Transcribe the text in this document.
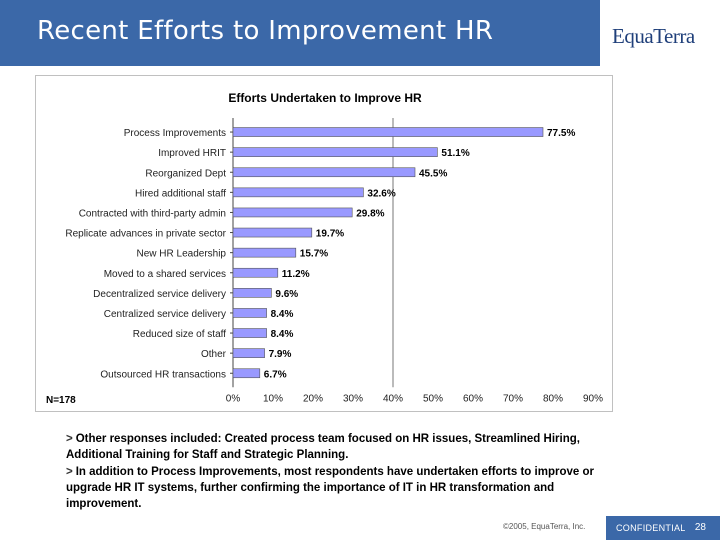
Recent Efforts to Improvement HR	EquaTerra
Efforts Undertaken to Improve HR
Process Improvements	77.5%
Improved HRIT	51.1%
Reorganized Dept	45.5%
Hired additional staff	32.6%
Contracted with third-party admin	29.8%
Replicate advances in private sector	19.7%
New HR Leadership	15.7%
Moved to a shared services	11.2%
Decentralized service delivery	9.6%
Centralized service delivery	8.4%
Reduced size of staff	8.4%
Other	7.9%
Outsourced HR transactions	6.7%
0% 10% 20% 30% 40% 50% 60% 70% 80% 90%
N=178
> Other responses included: Created process team focused on HR issues, Streamlined Hiring, Additional Training for Staff and Strategic Planning.
> In addition to Process Improvements, most respondents have undertaken efforts to improve or upgrade HR IT systems, further confirming the importance of IT in HR transformation and improvement.
©2005, EquaTerra, Inc.	CONFIDENTIAL 28
